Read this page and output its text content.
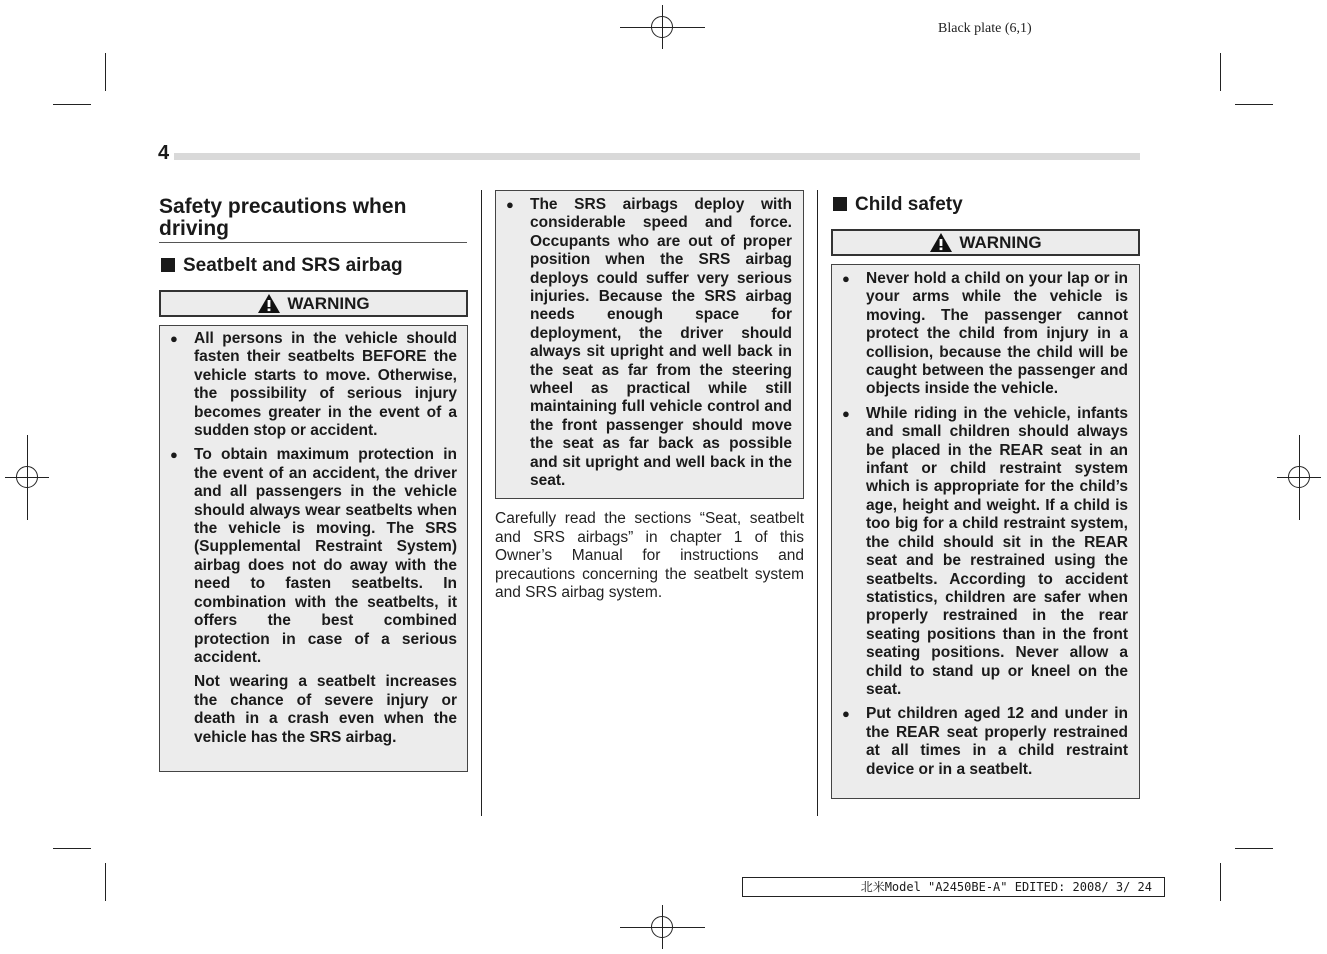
Black plate (6,1)
4
Safety precautions when driving
Seatbelt and SRS airbag
WARNING
● All persons in the vehicle should fasten their seatbelts BEFORE the vehicle starts to move. Otherwise, the possibility of serious injury becomes greater in the event of a sudden stop or accident.
● To obtain maximum protection in the event of an accident, the driver and all passengers in the vehicle should always wear seatbelts when the vehicle is moving. The SRS (Supplemental Restraint System) airbag does not do away with the need to fasten seatbelts. In combination with the seatbelts, it offers the best combined protection in case of a serious accident.
Not wearing a seatbelt increases the chance of severe injury or death in a crash even when the vehicle has the SRS airbag.
● The SRS airbags deploy with considerable speed and force. Occupants who are out of proper position when the SRS airbag deploys could suffer very serious injuries. Because the SRS airbag needs enough space for deployment, the driver should always sit upright and well back in the seat as far from the steering wheel as practical while still maintaining full vehicle control and the front passenger should move the seat as far back as possible and sit upright and well back in the seat.
Carefully read the sections “Seat, seatbelt and SRS airbags” in chapter 1 of this Owner’s Manual for instructions and precautions concerning the seatbelt system and SRS airbag system.
Child safety
WARNING
● Never hold a child on your lap or in your arms while the vehicle is moving. The passenger cannot protect the child from injury in a collision, because the child will be caught between the passenger and objects inside the vehicle.
● While riding in the vehicle, infants and small children should always be placed in the REAR seat in an infant or child restraint system which is appropriate for the child’s age, height and weight. If a child is too big for a child restraint system, the child should sit in the REAR seat and be restrained using the seatbelts. According to accident statistics, children are safer when properly restrained in the rear seating positions than in the front seating positions. Never allow a child to stand up or kneel on the seat.
● Put children aged 12 and under in the REAR seat properly restrained at all times in a child restraint device or in a seatbelt.
北米Model "A2450BE-A" EDITED: 2008/ 3/ 24
